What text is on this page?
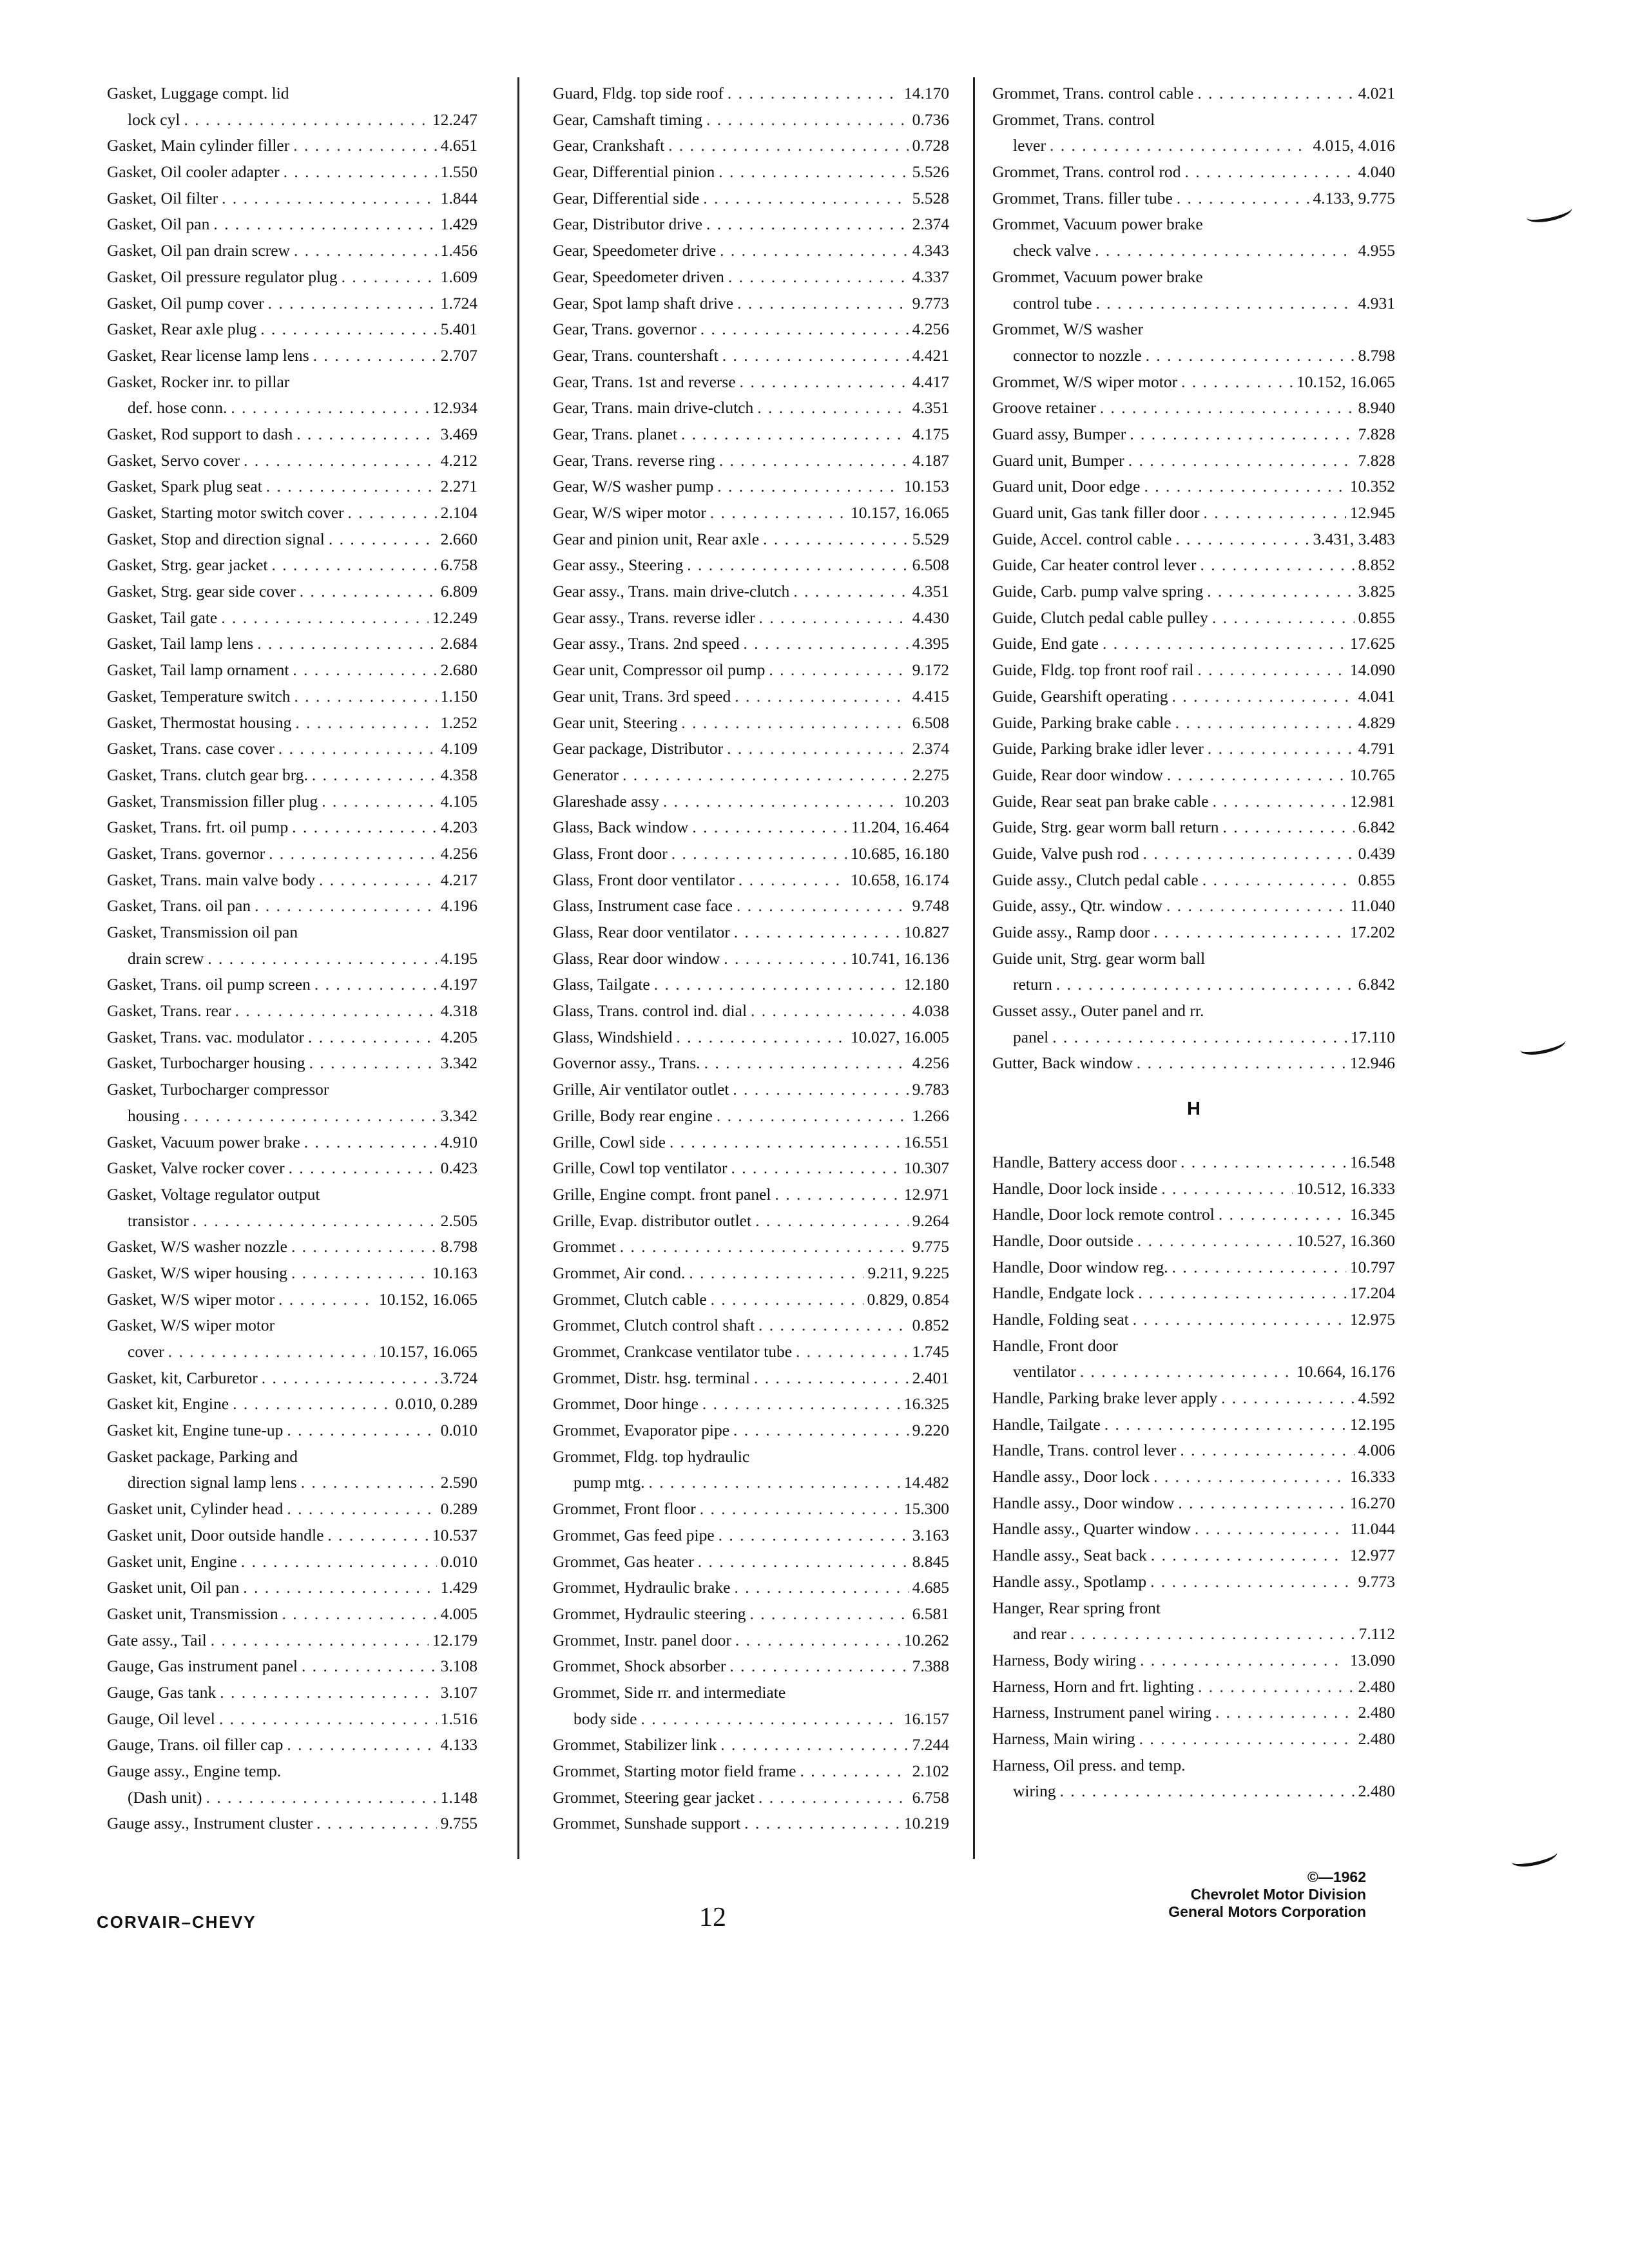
Gasket, Luggage compt. lid
lock cyl . . .	12.247
Gasket, Main cylinder filler . . .	4.651
Gasket, Oil cooler adapter . . .	1.550
Gasket, Oil filter . . .	1.844
Gasket, Oil pan . . .	1.429
Gasket, Oil pan drain screw . . .	1.456
Gasket, Oil pressure regulator plug . . .	1.609
Gasket, Oil pump cover . . .	1.724
Gasket, Rear axle plug . . .	5.401
Gasket, Rear license lamp lens . . .	2.707
Gasket, Rocker inr. to pillar
def. hose conn. . . .	12.934
Gasket, Rod support to dash . . .	3.469
Gasket, Servo cover . . .	4.212
Gasket, Spark plug seat . . .	2.271
Gasket, Starting motor switch cover . . .	2.104
Gasket, Stop and direction signal . . .	2.660
Gasket, Strg. gear jacket . . .	6.758
Gasket, Strg. gear side cover . . .	6.809
Gasket, Tail gate . . .	12.249
Gasket, Tail lamp lens . . .	2.684
Gasket, Tail lamp ornament . . .	2.680
Gasket, Temperature switch . . .	1.150
Gasket, Thermostat housing . . .	1.252
Gasket, Trans. case cover . . .	4.109
Gasket, Trans. clutch gear brg. . . .	4.358
Gasket, Transmission filler plug . . .	4.105
Gasket, Trans. frt. oil pump . . .	4.203
Gasket, Trans. governor . . .	4.256
Gasket, Trans. main valve body . . .	4.217
Gasket, Trans. oil pan . . .	4.196
Gasket, Transmission oil pan
drain screw . . .	4.195
Gasket, Trans. oil pump screen . . .	4.197
Gasket, Trans. rear . . .	4.318
Gasket, Trans. vac. modulator . . .	4.205
Gasket, Turbocharger housing . . .	3.342
Gasket, Turbocharger compressor
housing . . .	3.342
Gasket, Vacuum power brake . . .	4.910
Gasket, Valve rocker cover . . .	0.423
Gasket, Voltage regulator output
transistor . . .	2.505
Gasket, W/S washer nozzle . . .	8.798
Gasket, W/S wiper housing . . .	10.163
Gasket, W/S wiper motor . . .	10.152, 16.065
Gasket, W/S wiper motor
cover . . .	10.157, 16.065
Gasket, kit, Carburetor . . .	3.724
Gasket kit, Engine . . .	0.010, 0.289
Gasket kit, Engine tune-up . . .	0.010
Gasket package, Parking and
direction signal lamp lens . . .	2.590
Gasket unit, Cylinder head . . .	0.289
Gasket unit, Door outside handle . . .	10.537
Gasket unit, Engine . . .	0.010
Gasket unit, Oil pan . . .	1.429
Gasket unit, Transmission . . .	4.005
Gate assy., Tail . . .	12.179
Gauge, Gas instrument panel . . .	3.108
Gauge, Gas tank . . .	3.107
Gauge, Oil level . . .	1.516
Gauge, Trans. oil filler cap . . .	4.133
Gauge assy., Engine temp.
(Dash unit) . . .	1.148
Gauge assy., Instrument cluster . . .	9.755
Guard, Fldg. top side roof . . .	14.170
Gear, Camshaft timing . . .	0.736
Gear, Crankshaft . . .	0.728
Gear, Differential pinion . . .	5.526
Gear, Differential side . . .	5.528
Gear, Distributor drive . . .	2.374
Gear, Speedometer drive . . .	4.343
Gear, Speedometer driven . . .	4.337
Gear, Spot lamp shaft drive . . .	9.773
Gear, Trans. governor . . .	4.256
Gear, Trans. countershaft . . .	4.421
Gear, Trans. 1st and reverse . . .	4.417
Gear, Trans. main drive-clutch . . .	4.351
Gear, Trans. planet . . .	4.175
Gear, Trans. reverse ring . . .	4.187
Gear, W/S washer pump . . .	10.153
Gear, W/S wiper motor . . .	10.157, 16.065
Gear and pinion unit, Rear axle . . .	5.529
Gear assy., Steering . . .	6.508
Gear assy., Trans. main drive-clutch . . .	4.351
Gear assy., Trans. reverse idler . . .	4.430
Gear assy., Trans. 2nd speed . . .	4.395
Gear unit, Compressor oil pump . . .	9.172
Gear unit, Trans. 3rd speed . . .	4.415
Gear unit, Steering . . .	6.508
Gear package, Distributor . . .	2.374
Generator . . .	2.275
Glareshade assy . . .	10.203
Glass, Back window . . .	11.204, 16.464
Glass, Front door . . .	10.685, 16.180
Glass, Front door ventilator . . .	10.658, 16.174
Glass, Instrument case face . . .	9.748
Glass, Rear door ventilator . . .	10.827
Glass, Rear door window . . .	10.741, 16.136
Glass, Tailgate . . .	12.180
Glass, Trans. control ind. dial . . .	4.038
Glass, Windshield . . .	10.027, 16.005
Governor assy., Trans. . . .	4.256
Grille, Air ventilator outlet . . .	9.783
Grille, Body rear engine . . .	1.266
Grille, Cowl side . . .	16.551
Grille, Cowl top ventilator . . .	10.307
Grille, Engine compt. front panel . . .	12.971
Grille, Evap. distributor outlet . . .	9.264
Grommet . . .	9.775
Grommet, Air cond. . . .	9.211, 9.225
Grommet, Clutch cable . . .	0.829, 0.854
Grommet, Clutch control shaft . . .	0.852
Grommet, Crankcase ventilator tube . . .	1.745
Grommet, Distr. hsg. terminal . . .	2.401
Grommet, Door hinge . . .	16.325
Grommet, Evaporator pipe . . .	9.220
Grommet, Fldg. top hydraulic
pump mtg. . . .	14.482
Grommet, Front floor . . .	15.300
Grommet, Gas feed pipe . . .	3.163
Grommet, Gas heater . . .	8.845
Grommet, Hydraulic brake . . .	4.685
Grommet, Hydraulic steering . . .	6.581
Grommet, Instr. panel door . . .	10.262
Grommet, Shock absorber . . .	7.388
Grommet, Side rr. and intermediate
body side . . .	16.157
Grommet, Stabilizer link . . .	7.244
Grommet, Starting motor field frame . . .	2.102
Grommet, Steering gear jacket . . .	6.758
Grommet, Sunshade support . . .	10.219
Grommet, Trans. control cable . . .	4.021
Grommet, Trans. control
lever . . .	4.015, 4.016
Grommet, Trans. control rod . . .	4.040
Grommet, Trans. filler tube . . .	4.133, 9.775
Grommet, Vacuum power brake
check valve . . .	4.955
Grommet, Vacuum power brake
control tube . . .	4.931
Grommet, W/S washer
connector to nozzle . . .	8.798
Grommet, W/S wiper motor . . .	10.152, 16.065
Groove retainer . . .	8.940
Guard assy, Bumper . . .	7.828
Guard unit, Bumper . . .	7.828
Guard unit, Door edge . . .	10.352
Guard unit, Gas tank filler door . . .	12.945
Guide, Accel. control cable . . .	3.431, 3.483
Guide, Car heater control lever . . .	8.852
Guide, Carb. pump valve spring . . .	3.825
Guide, Clutch pedal cable pulley . . .	0.855
Guide, End gate . . .	17.625
Guide, Fldg. top front roof rail . . .	14.090
Guide, Gearshift operating . . .	4.041
Guide, Parking brake cable . . .	4.829
Guide, Parking brake idler lever . . .	4.791
Guide, Rear door window . . .	10.765
Guide, Rear seat pan brake cable . . .	12.981
Guide, Strg. gear worm ball return . . .	6.842
Guide, Valve push rod . . .	0.439
Guide assy., Clutch pedal cable . . .	0.855
Guide, assy., Qtr. window . . .	11.040
Guide assy., Ramp door . . .	17.202
Guide unit, Strg. gear worm ball
return . . .	6.842
Gusset assy., Outer panel and rr.
panel . . .	17.110
Gutter, Back window . . .	12.946
H
Handle, Battery access door . . .	16.548
Handle, Door lock inside . . .	10.512, 16.333
Handle, Door lock remote control . . .	16.345
Handle, Door outside . . .	10.527, 16.360
Handle, Door window reg. . . .	10.797
Handle, Endgate lock . . .	17.204
Handle, Folding seat . . .	12.975
Handle, Front door
ventilator . . .	10.664, 16.176
Handle, Parking brake lever apply . . .	4.592
Handle, Tailgate . . .	12.195
Handle, Trans. control lever . . .	4.006
Handle assy., Door lock . . .	16.333
Handle assy., Door window . . .	16.270
Handle assy., Quarter window . . .	11.044
Handle assy., Seat back . . .	12.977
Handle assy., Spotlamp . . .	9.773
Hanger, Rear spring front
and rear . . .	7.112
Harness, Body wiring . . .	13.090
Harness, Horn and frt. lighting . . .	2.480
Harness, Instrument panel wiring . . .	2.480
Harness, Main wiring . . .	2.480
Harness, Oil press. and temp.
wiring . . .	2.480
CORVAIR–CHEVY	12
©—1962
Chevrolet Motor Division
General Motors Corporation
